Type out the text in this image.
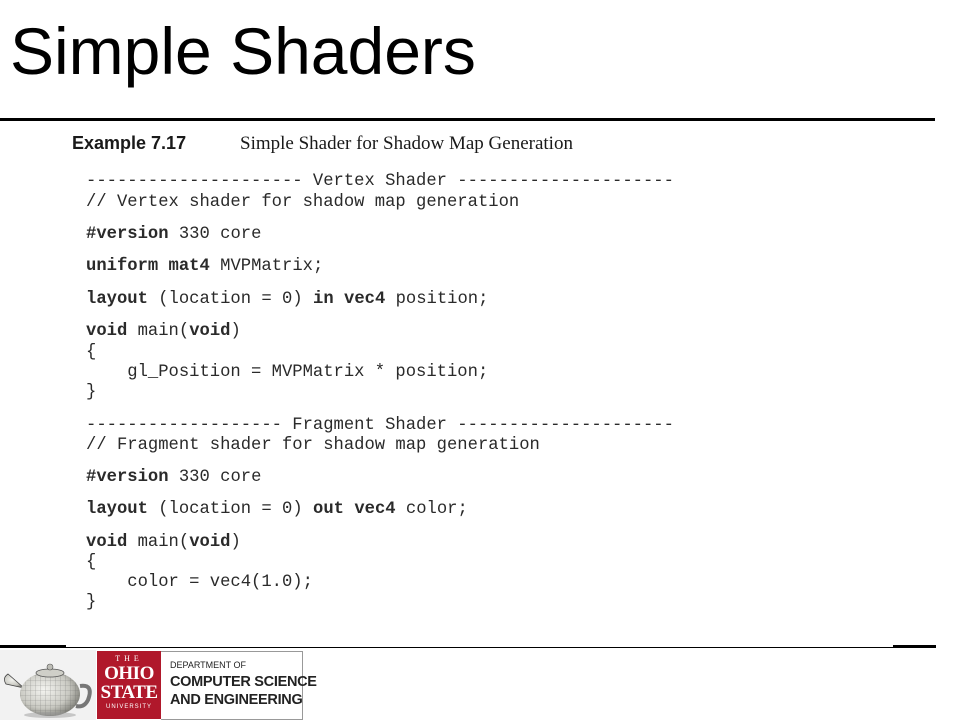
Simple Shaders
Example 7.17	Simple Shader for Shadow Map Generation
--------------------- Vertex Shader ---------------------
// Vertex shader for shadow map generation
#version 330 core
uniform mat4 MVPMatrix;
layout (location = 0) in vec4 position;
void main(void)
{
gl_Position = MVPMatrix * position;
}
------------------- Fragment Shader ---------------------
// Fragment shader for shadow map generation
#version 330 core
layout (location = 0) out vec4 color;
void main(void)
{
color = vec4(1.0);
}
THE
OHIO
STATE
UNIVERSITY
DEPARTMENT OF
COMPUTER SCIENCE
AND ENGINEERING
